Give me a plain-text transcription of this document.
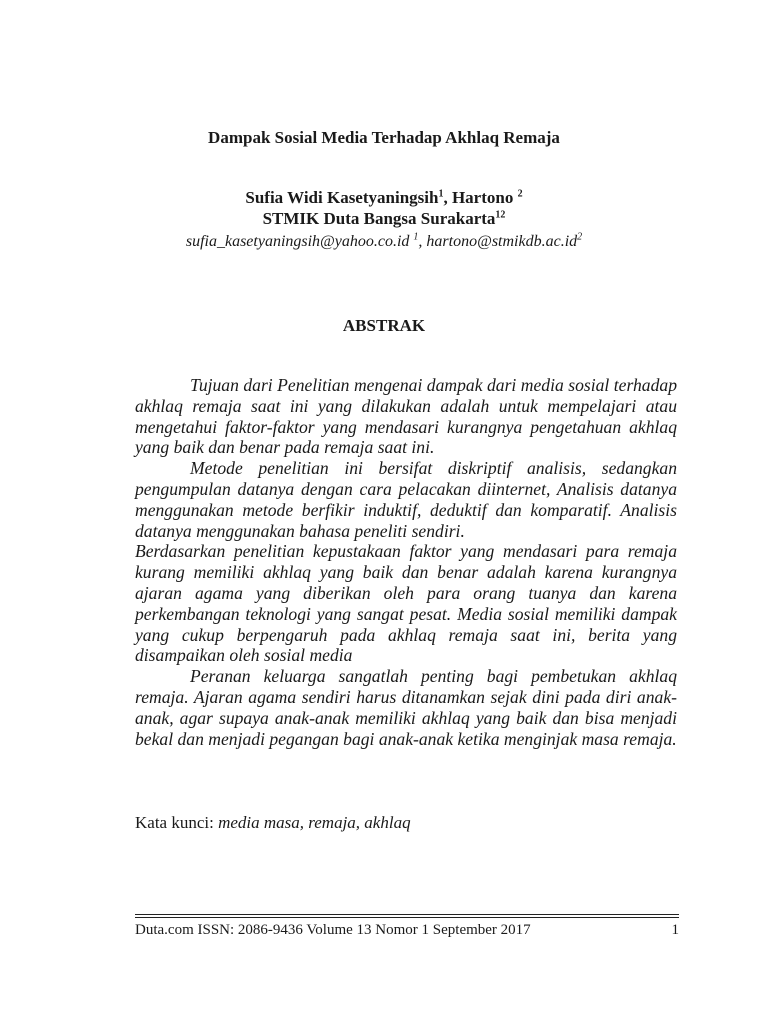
Dampak Sosial Media Terhadap Akhlaq Remaja
Sufia Widi Kasetyaningsih$^1$, Hartono $^2$
STMIK Duta Bangsa Surakarta$^{12}$
sufia_kasetyaningsih@yahoo.co.id $^1$, $hartono@stmikdb.ac.id^2$
ABSTRAK

Tujuan dari Penelitian mengenai dampak dari media sosial terhadap akhlaq remaja saat ini yang dilakukan adalah untuk mempelajari atau mengetahui faktor-faktor yang mendasari kurangnya pengetahuan akhlaq yang baik dan benar pada remaja saat ini.

Metode penelitian ini bersifat diskriptif analisis, sedangkan pengumpulan datanya dengan cara pelacakan diinternet, Analisis datanya menggunakan metode berfikir induktif, deduktif dan komparatif. Analisis datanya menggunakan bahasa peneliti sendiri.

Berdasarkan penelitian kepustakaan faktor yang mendasari para remaja kurang memiliki akhlaq yang baik dan benar adalah karena kurangnya ajaran agama yang diberikan oleh para orang tuanya dan karena perkembangan teknologi yang sangat pesat. Media sosial memiliki dampak yang cukup berpengaruh pada akhlaq remaja saat ini, berita yang disampaikan oleh sosial media

Peranan keluarga sangatlah penting bagi pembetukan akhlaq remaja. Ajaran agama sendiri harus ditanamkan sejak dini pada diri anak-anak, agar supaya anak-anak memiliki akhlaq yang baik dan bisa menjadi bekal dan menjadi pegangan bagi anak-anak ketika menginjak masa remaja.

Kata kunci: media masa, remaja, akhlaq
Duta.com ISSN: 2086-9436 Volume 13 Nomor 1 September 2017	1
